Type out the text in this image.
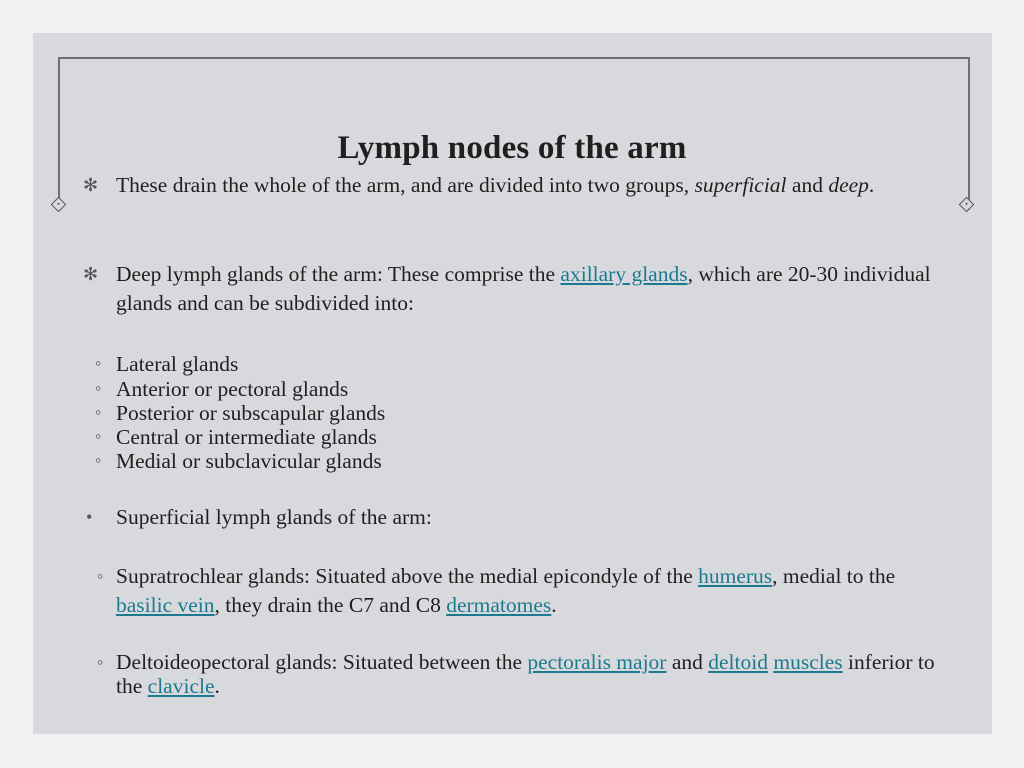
Lymph nodes of the arm
✻ These drain the whole of the arm, and are divided into two groups, superficial and deep.
✻ Deep lymph glands of the arm: These comprise the axillary glands, which are 20-30 individual glands and can be subdivided into:
◦ Lateral glands
◦ Anterior or pectoral glands
◦ Posterior or subscapular glands
◦ Central or intermediate glands
◦ Medial or subclavicular glands
• Superficial lymph glands of the arm:
◦ Supratrochlear glands: Situated above the medial epicondyle of the humerus, medial to the basilic vein, they drain the C7 and C8 dermatomes.
◦ Deltoideopectoral glands: Situated between the pectoralis major and deltoid muscles inferior to the clavicle.
